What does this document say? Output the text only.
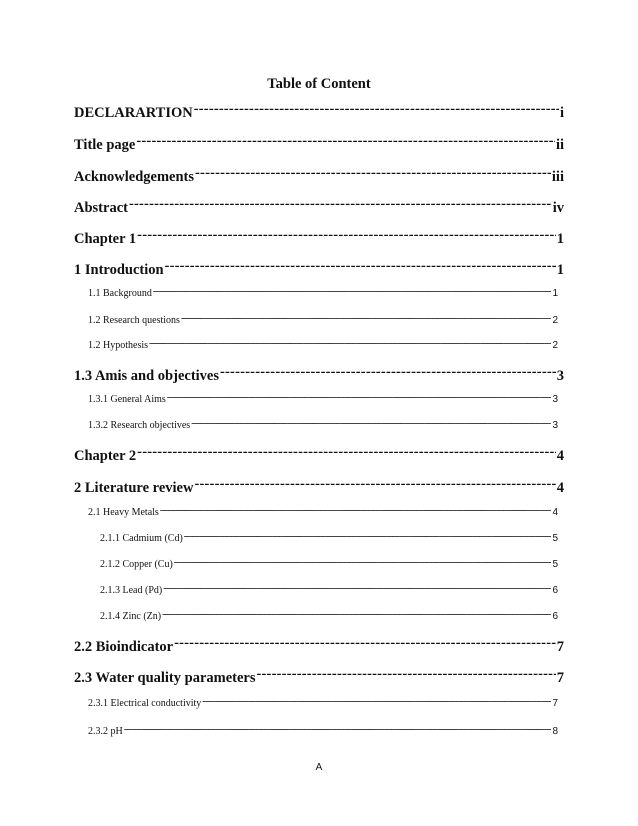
Table of Content
DECLARARTION -----	i
Title page -----	ii
Acknowledgements -----	iii
Abstract -----	iv
Chapter 1 -----	1
1 Introduction -----	1
1.1 Background -----	1
1.2 Research questions -----	2
1.2 Hypothesis -----	2
1.3 Amis and objectives -----	3
1.3.1 General Aims -----	3
1.3.2 Research objectives -----	3
Chapter 2 -----	4
2 Literature review -----	4
2.1 Heavy Metals -----	4
2.1.1 Cadmium (Cd) -----	5
2.1.2 Copper (Cu) -----	5
2.1.3 Lead (Pd) -----	6
2.1.4 Zinc (Zn) -----	6
2.2 Bioindicator -----	7
2.3 Water quality parameters -----	7
2.3.1 Electrical conductivity -----	7
2.3.2 pH -----	8
A
